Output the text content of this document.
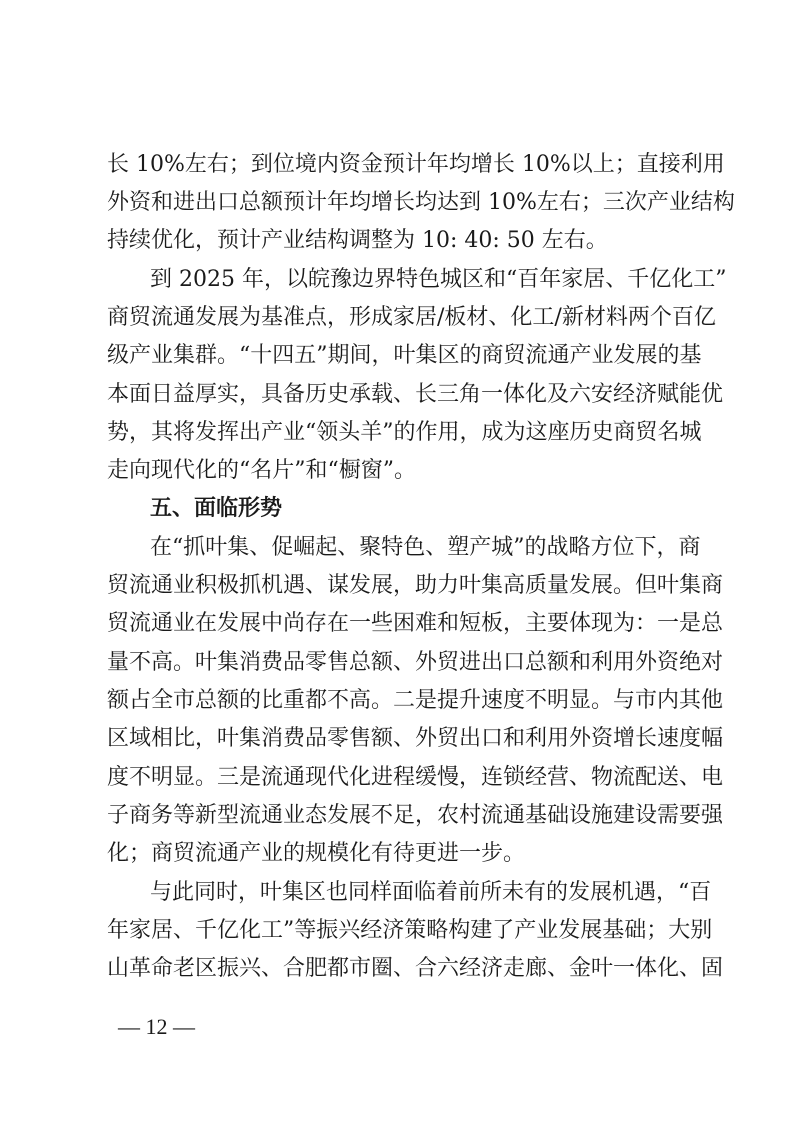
长 10%左右；到位境内资金预计年均增长 10%以上；直接利用
外资和进出口总额预计年均增长均达到 10%左右；三次产业结构
持续优化，预计产业结构调整为 10: 40: 50 左右。
到 2025 年，以皖豫边界特色城区和“百年家居、千亿化工”
商贸流通发展为基准点，形成家居/板材、化工/新材料两个百亿
级产业集群。“十四五”期间，叶集区的商贸流通产业发展的基
本面日益厚实，具备历史承载、长三角一体化及六安经济赋能优
势，其将发挥出产业“领头羊”的作用，成为这座历史商贸名城
走向现代化的“名片”和“橱窗”。
五、面临形势
在“抓叶集、促崛起、聚特色、塑产城”的战略方位下，商
贸流通业积极抓机遇、谋发展，助力叶集高质量发展。但叶集商
贸流通业在发展中尚存在一些困难和短板，主要体现为：一是总
量不高。叶集消费品零售总额、外贸进出口总额和利用外资绝对
额占全市总额的比重都不高。二是提升速度不明显。与市内其他
区域相比，叶集消费品零售额、外贸出口和利用外资增长速度幅
度不明显。三是流通现代化进程缓慢，连锁经营、物流配送、电
子商务等新型流通业态发展不足，农村流通基础设施建设需要强
化；商贸流通产业的规模化有待更进一步。
与此同时，叶集区也同样面临着前所未有的发展机遇，“百
年家居、千亿化工”等振兴经济策略构建了产业发展基础；大别
山革命老区振兴、合肥都市圈、合六经济走廊、金叶一体化、固
— 12 —
